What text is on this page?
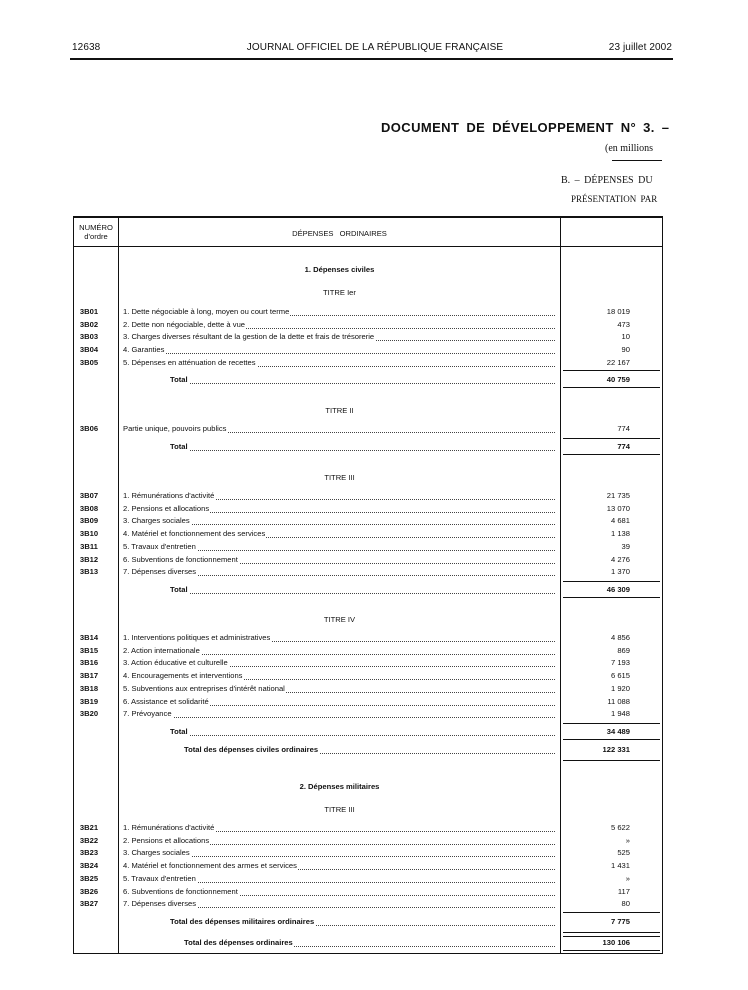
12638	JOURNAL OFFICIEL DE LA RÉPUBLIQUE FRANÇAISE	23 juillet 2002
DOCUMENT DE DÉVELOPPEMENT N° 3. –
(en millions
B. – DÉPENSES DU
PRÉSENTATION PAR
NUMÉRO
d'ordre	DÉPENSES ORDINAIRES
1. Dépenses civiles
TITRE Ier
TITRE II
TITRE III
TITRE IV
2. Dépenses militaires
TITRE III
3B01	1. Dette négociable à long, moyen ou court terme	18 019
3B02	2. Dette non négociable, dette à vue	473
3B03	3. Charges diverses résultant de la gestion de la dette et frais de trésorerie	10
3B04	4. Garanties	90
3B05	5. Dépenses en atténuation de recettes	22 167
Total	40 759
3B06	Partie unique, pouvoirs publics	774
Total	774
3B07	1. Rémunérations d'activité	21 735
3B08	2. Pensions et allocations	13 070
3B09	3. Charges sociales	4 681
3B10	4. Matériel et fonctionnement des services	1 138
3B11	5. Travaux d'entretien	39
3B12	6. Subventions de fonctionnement	4 276
3B13	7. Dépenses diverses	1 370
Total	46 309
3B14	1. Interventions politiques et administratives	4 856
3B15	2. Action internationale	869
3B16	3. Action éducative et culturelle	7 193
3B17	4. Encouragements et interventions	6 615
3B18	5. Subventions aux entreprises d'intérêt national	1 920
3B19	6. Assistance et solidarité	11 088
3B20	7. Prévoyance	1 948
Total	34 489
Total des dépenses civiles ordinaires	122 331
3B21	1. Rémunérations d'activité	5 622
3B22	2. Pensions et allocations	»
3B23	3. Charges sociales	525
3B24	4. Matériel et fonctionnement des armes et services	1 431
3B25	5. Travaux d'entretien	»
3B26	6. Subventions de fonctionnement	117
3B27	7. Dépenses diverses	80
Total des dépenses militaires ordinaires	7 775
Total des dépenses ordinaires	130 106
